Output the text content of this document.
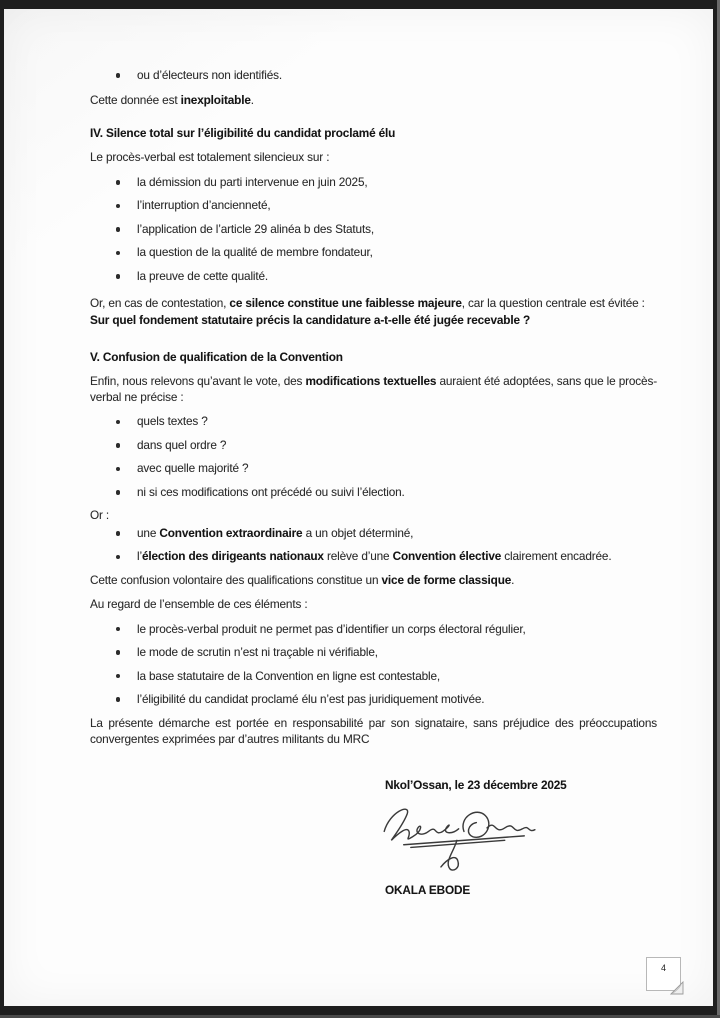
ou d’électeurs non identifiés.

Cette donnée est inexploitable.

IV. Silence total sur l’éligibilité du candidat proclamé élu

Le procès-verbal est totalement silencieux sur :

la démission du parti intervenue en juin 2025,
l’interruption d’ancienneté,
l’application de l’article 29 alinéa b des Statuts,
la question de la qualité de membre fondateur,
la preuve de cette qualité.

Or, en cas de contestation, ce silence constitue une faiblesse majeure, car la question centrale est évitée :
Sur quel fondement statutaire précis la candidature a-t-elle été jugée recevable ?

V. Confusion de qualification de la Convention

Enfin, nous relevons qu’avant le vote, des modifications textuelles auraient été adoptées, sans que le procès-verbal ne précise :

quels textes ?
dans quel ordre ?
avec quelle majorité ?
ni si ces modifications ont précédé ou suivi l’élection.

Or :

une Convention extraordinaire a un objet déterminé,
l’élection des dirigeants nationaux relève d’une Convention élective clairement encadrée.

Cette confusion volontaire des qualifications constitue un vice de forme classique.

Au regard de l’ensemble de ces éléments :

le procès-verbal produit ne permet pas d’identifier un corps électoral régulier,
le mode de scrutin n’est ni traçable ni vérifiable,
la base statutaire de la Convention en ligne est contestable,
l’éligibilité du candidat proclamé élu n’est pas juridiquement motivée.

La présente démarche est portée en responsabilité par son signataire, sans préjudice des préoccupations convergentes exprimées par d’autres militants du MRC

Nkol’Ossan, le 23 décembre 2025
OKALA EBODE
4
